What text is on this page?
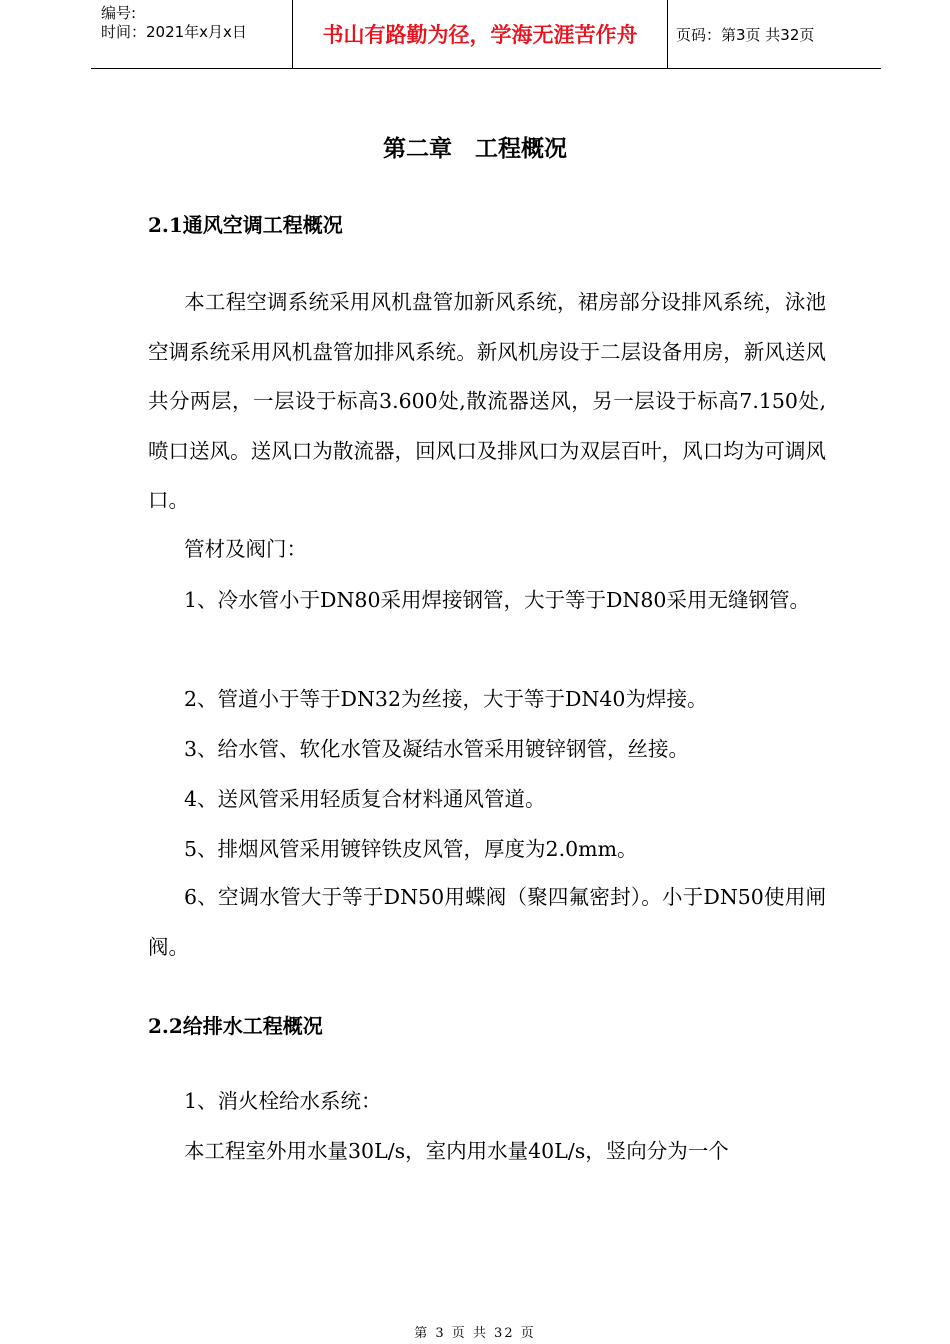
编号:
时间：2021年x月x日	书山有路勤为径，学海无涯苦作舟	页码：第3页 共32页
第二章　工程概况
2.1通风空调工程概况
本工程空调系统采用风机盘管加新风系统，裙房部分设排风系统，泳池空调系统采用风机盘管加排风系统。新风机房设于二层设备用房，新风送风共分两层，一层设于标高3.600处,散流器送风，另一层设于标高7.150处,喷口送风。送风口为散流器，回风口及排风口为双层百叶，风口均为可调风口。
管材及阀门：
1、冷水管小于DN80采用焊接钢管，大于等于DN80采用无缝钢管。
2、管道小于等于DN32为丝接，大于等于DN40为焊接。
3、给水管、软化水管及凝结水管采用镀锌钢管，丝接。
4、送风管采用轻质复合材料通风管道。
5、排烟风管采用镀锌铁皮风管，厚度为2.0mm。
6、空调水管大于等于DN50用蝶阀（聚四氟密封）。小于DN50使用闸阀。
2.2给排水工程概况
1、消火栓给水系统：
本工程室外用水量30L/s，室内用水量40L/s，竖向分为一个
第 3 页 共 32 页
